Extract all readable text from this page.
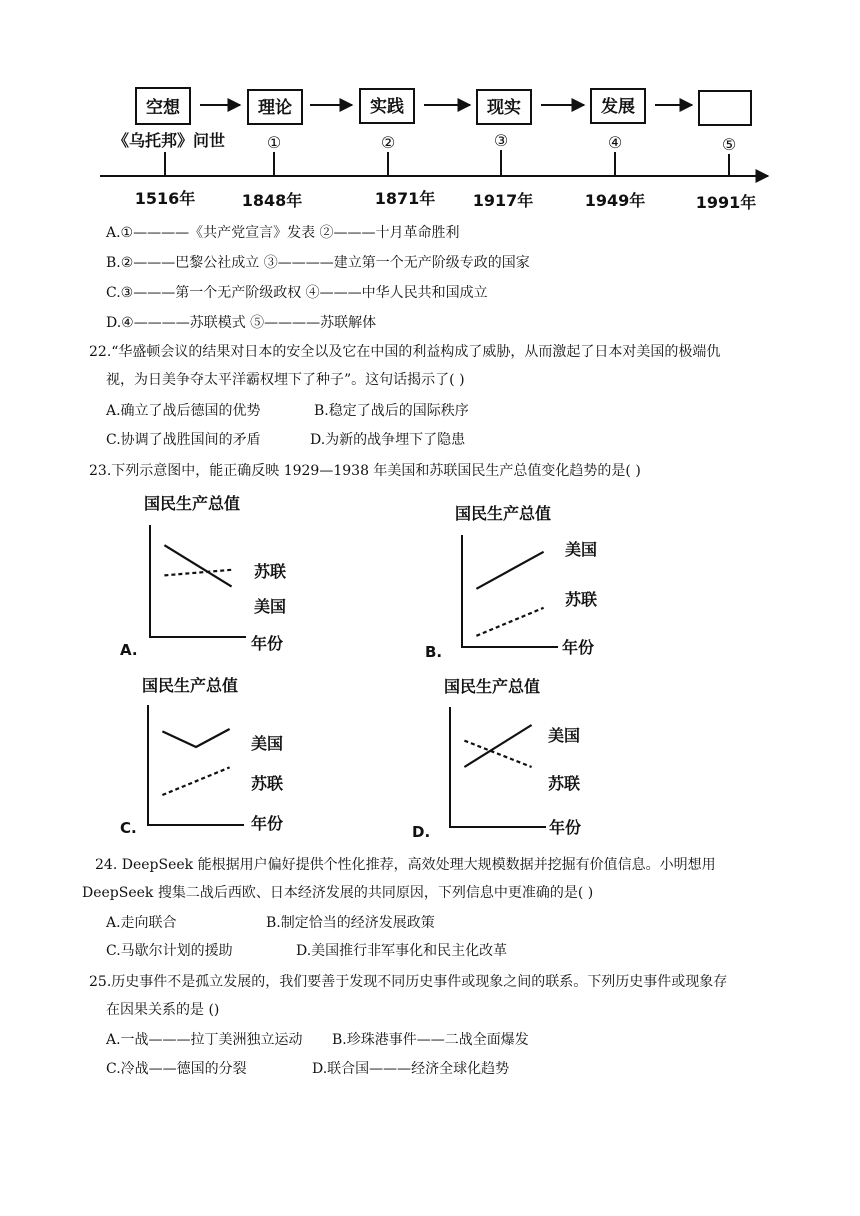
空想	理论	实践	现实	发展
《乌托邦》问世	①	②	③	④	⑤
1516年	1848年	1871年 1917年	1949年	1991年
A.①————《共产党宣言》发表 ②———十月革命胜利
B.②———巴黎公社成立 ③————建立第一个无产阶级专政的国家
C.③———第一个无产阶级政权 ④———中华人民共和国成立
D.④————苏联模式 ⑤————苏联解体
22.“华盛顿会议的结果对日本的安全以及它在中国的利益构成了威胁，从而激起了日本对美国的极端仇
视，为日美争夺太平洋霸权埋下了种子”。这句话揭示了( )
A.确立了战后德国的优势	B.稳定了战后的国际秩序
C.协调了战胜国间的矛盾	D.为新的战争埋下了隐患
23.下列示意图中，能正确反映 1929—1938 年美国和苏联国民生产总值变化趋势的是( )
国民生产总值
年份
A.
苏联
美国
国民生产总值
年份
B.
美国
苏联
国民生产总值
年份
C.
美国
苏联
国民生产总值
年份
D.
美国
苏联
24. DeepSeek 能根据用户偏好提供个性化推荐，高效处理大规模数据并挖掘有价值信息。小明想用
DeepSeek 搜集二战后西欧、日本经济发展的共同原因，下列信息中更准确的是( )
A.走向联合	B.制定恰当的经济发展政策
C.马歇尔计划的援助	D.美国推行非军事化和民主化改革
25.历史事件不是孤立发展的，我们要善于发现不同历史事件或现象之间的联系。下列历史事件或现象存
在因果关系的是 ()
A.一战———拉丁美洲独立运动 B.珍珠港事件——二战全面爆发
C.冷战——德国的分裂	D.联合国———经济全球化趋势
